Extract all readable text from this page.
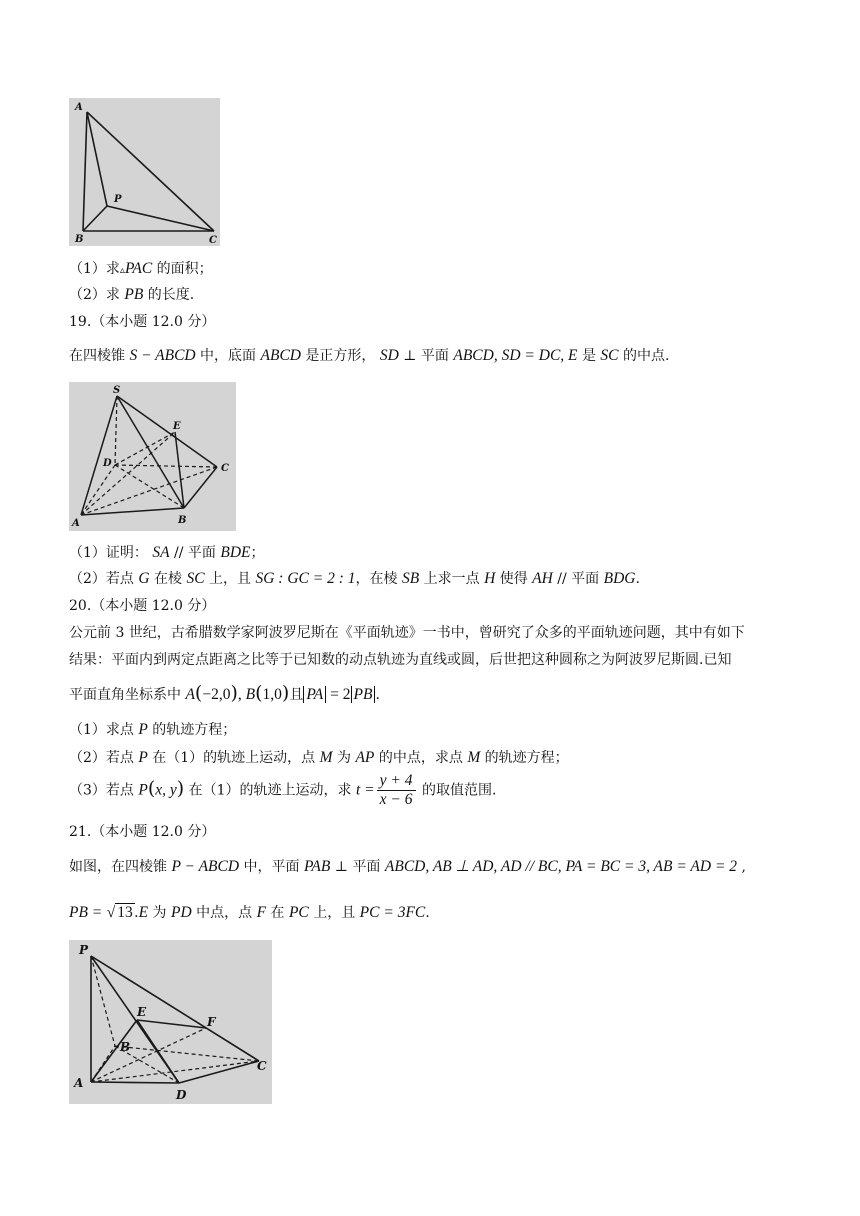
A
P
B	C
（1）求▵PAC 的面积；
（2）求 PB 的长度.
19.（本小题 12.0 分）
在四棱锥 S − ABCD 中，底面 ABCD 是正方形， SD ⊥ 平面 ABCD, SD = DC, E 是 SC 的中点.
S
E
D	C
A	B
（1）证明： SA // 平面 BDE；
（2）若点 G 在棱 SC 上，且 SG : GC = 2 : 1，在棱 SB 上求一点 H 使得 AH // 平面 BDG.
20.（本小题 12.0 分）
公元前 3 世纪，古希腊数学家阿波罗尼斯在《平面轨迹》一书中，曾研究了众多的平面轨迹问题，其中有如下
结果：平面内到两定点距离之比等于已知数的动点轨迹为直线或圆，后世把这种圆称之为阿波罗尼斯圆.已知
平面直角坐标系中 A(−2,0), B(1,0)且 PA = 2 PB .
（1）求点 P 的轨迹方程；
（2）若点 P 在（1）的轨迹上运动，点 M 为 AP 的中点，求点 M 的轨迹方程；
（3）若点 P(x, y) 在（1）的轨迹上运动，求 $t = \frac{y + 4}{x - 6}$ 的取值范围.
21.（本小题 12.0 分）
如图，在四棱锥 P − ABCD 中，平面 PAB ⊥ 平面 ABCD, AB ⊥ AD, AD // BC, PA = BC = 3, AB = AD = 2 ,
PB = √ 13 .E 为 PD 中点，点 F 在 PC 上，且 PC = 3FC.
P
E
F
B
A
D
C
